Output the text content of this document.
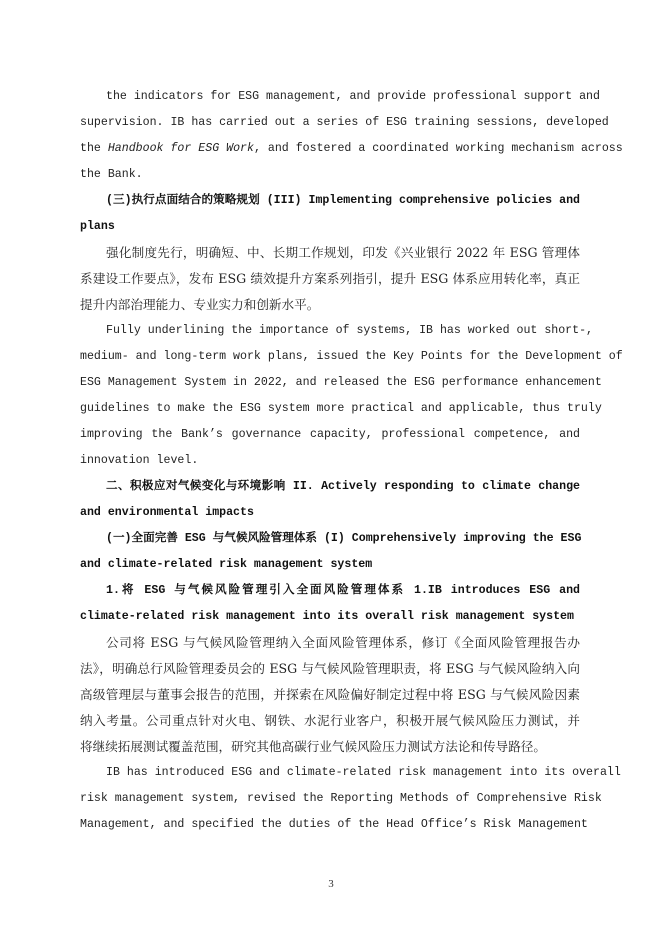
the indicators for ESG management, and provide professional support and
supervision. IB has carried out a series of ESG training sessions, developed
the Handbook for ESG Work, and fostered a coordinated working mechanism across
the Bank.
(三)执行点面结合的策略规划 (III) Implementing comprehensive policies and
plans
强化制度先行，明确短、中、长期工作规划，印发《兴业银行 2022 年 ESG 管理体
系建设工作要点》，发布 ESG 绩效提升方案系列指引，提升 ESG 体系应用转化率，真正
提升内部治理能力、专业实力和创新水平。
Fully underlining the importance of systems, IB has worked out short-,
medium- and long-term work plans, issued the Key Points for the Development of
ESG Management System in 2022, and released the ESG performance enhancement
guidelines to make the ESG system more practical and applicable, thus truly
improving the Bank’s governance capacity, professional competence, and
innovation level.
二、积极应对气候变化与环境影响 II. Actively responding to climate change
and environmental impacts
(一)全面完善 ESG 与气候风险管理体系 (I) Comprehensively improving the ESG
and climate-related risk management system
1.将 ESG 与气候风险管理引入全面风险管理体系 1.IB introduces ESG and
climate-related risk management into its overall risk management system
公司将 ESG 与气候风险管理纳入全面风险管理体系，修订《全面风险管理报告办
法》，明确总行风险管理委员会的 ESG 与气候风险管理职责，将 ESG 与气候风险纳入向
高级管理层与董事会报告的范围，并探索在风险偏好制定过程中将 ESG 与气候风险因素
纳入考量。公司重点针对火电、钢铁、水泥行业客户，积极开展气候风险压力测试，并
将继续拓展测试覆盖范围，研究其他高碳行业气候风险压力测试方法论和传导路径。
IB has introduced ESG and climate-related risk management into its overall
risk management system, revised the Reporting Methods of Comprehensive Risk
Management, and specified the duties of the Head Office’s Risk Management
3
